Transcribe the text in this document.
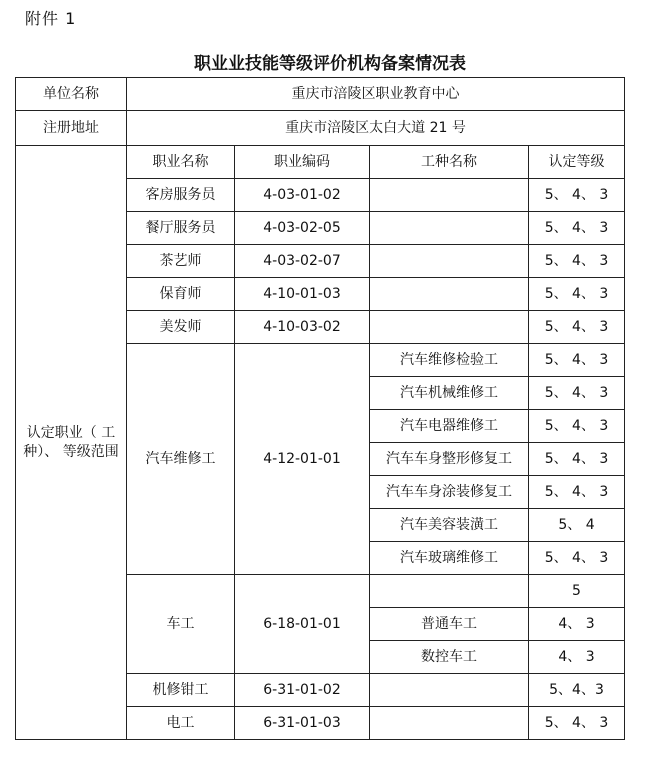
附件 1
职业业技能等级评价机构备案情况表
单位名称	重庆市涪陵区职业教育中心			
注册地址	重庆市涪陵区太白大道 21 号			
认定职业（ 工种）、 等级范围	职业名称	职业编码	工种名称	认定等级
	客房服务员	4-03-01-02		5、 4、 3
	餐厅服务员	4-03-02-05		5、 4、 3
	茶艺师	4-03-02-07		5、 4、 3
	保育师	4-10-01-03		5、 4、 3
	美发师	4-10-03-02		5、 4、 3
	汽车维修工	4-12-01-01	汽车维修检验工	5、 4、 3
			汽车机械维修工	5、 4、 3
			汽车电器维修工	5、 4、 3
			汽车车身整形修复工	5、 4、 3
			汽车车身涂装修复工	5、 4、 3
			汽车美容装潢工	5、 4
			汽车玻璃维修工	5、 4、 3
	车工	6-18-01-01		5
			普通车工	4、 3
			数控车工	4、 3
	机修钳工	6-31-01-02		5、4、3
	电工	6-31-01-03		5、 4、 3
